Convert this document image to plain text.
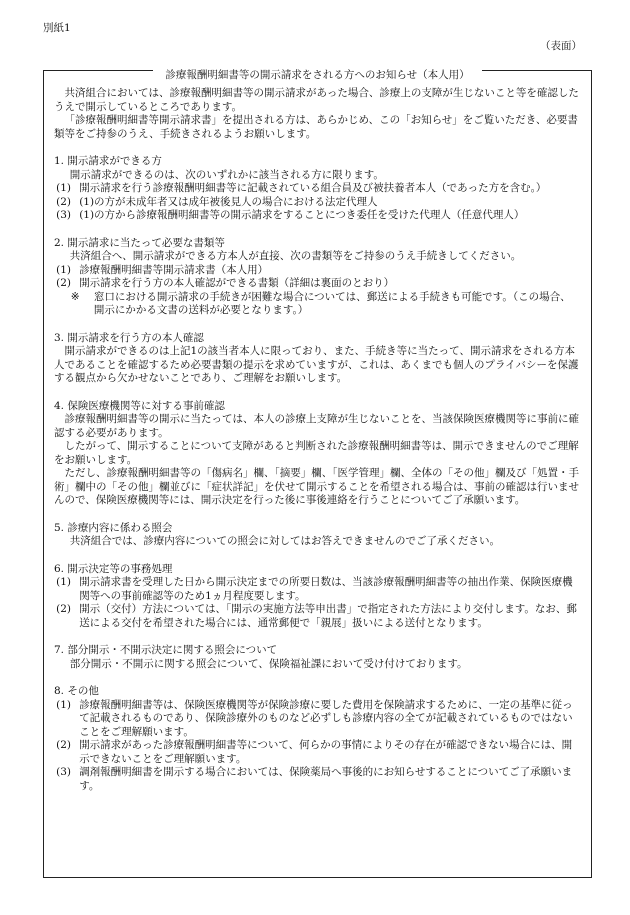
別紙1
（表面）
診療報酬明細書等の開示請求をされる方へのお知らせ（本人用）

共済組合においては、診療報酬明細書等の開示請求があった場合、診療上の支障が生じないこと等を確認したうえで開示しているところであります。

「診療報酬明細書等開示請求書」を提出される方は、あらかじめ、この「お知らせ」をご覧いただき、必要書類等をご持参のうえ、手続きされるようお願いします。

1. 開示請求ができる方

開示請求ができるのは、次のいずれかに該当される方に限ります。

(1) 開示請求を行う診療報酬明細書等に記載されている組合員及び被扶養者本人（であった方を含む。）
(2) (1)の方が未成年者又は成年被後見人の場合における法定代理人
(3) (1)の方から診療報酬明細書等の開示請求をすることにつき委任を受けた代理人（任意代理人）

2. 開示請求に当たって必要な書類等

共済組合へ、開示請求ができる方本人が直接、次の書類等をご持参のうえ手続きしてください。

(1) 診療報酬明細書等開示請求書（本人用）
(2) 開示請求を行う方の本人確認ができる書類（詳細は裏面のとおり）
※	窓口における開示請求の手続きが困難な場合については、郵送による手続きも可能です。（この場合、開示にかかる文書の送料が必要となります。）

3. 開示請求を行う方の本人確認

開示請求ができるのは上記1の該当者本人に限っており、また、手続き等に当たって、開示請求をされる方本人であることを確認するため必要書類の提示を求めていますが、これは、あくまでも個人のプライバシーを保護する観点から欠かせないことであり、ご理解をお願いします。

4. 保険医療機関等に対する事前確認

診療報酬明細書等の開示に当たっては、本人の診療上支障が生じないことを、当該保険医療機関等に事前に確認する必要があります。

したがって、開示することについて支障があると判断された診療報酬明細書等は、開示できませんのでご理解をお願いします。

ただし、診療報酬明細書等の「傷病名」欄、「摘要」欄、「医学管理」欄、全体の「その他」欄及び「処置・手術」欄中の「その他」欄並びに「症状詳記」を伏せて開示することを希望される場合は、事前の確認は行いませんので、保険医療機関等には、開示決定を行った後に事後連絡を行うことについてご了承願います。

5. 診療内容に係わる照会

共済組合では、診療内容についての照会に対してはお答えできませんのでご了承ください。

6. 開示決定等の事務処理

(1) 開示請求書を受理した日から開示決定までの所要日数は、当該診療報酬明細書等の抽出作業、保険医療機関等への事前確認等のため1ヵ月程度要します。
(2) 開示（交付）方法については、「開示の実施方法等申出書」で指定された方法により交付します。なお、郵送による交付を希望された場合には、通常郵便で「親展」扱いによる送付となります。

7. 部分開示・不開示決定に関する照会について

部分開示・不開示に関する照会について、保険福祉課において受け付けております。

8. その他

(1) 診療報酬明細書等は、保険医療機関等が保険診療に要した費用を保険請求するために、一定の基準に従って記載されるものであり、保険診療外のものなど必ずしも診療内容の全てが記載されているものではないことをご理解願います。
(2) 開示請求があった診療報酬明細書等について、何らかの事情によりその存在が確認できない場合には、開示できないことをご理解願います。
(3) 調剤報酬明細書を開示する場合においては、保険薬局へ事後的にお知らせすることについてご了承願います。
